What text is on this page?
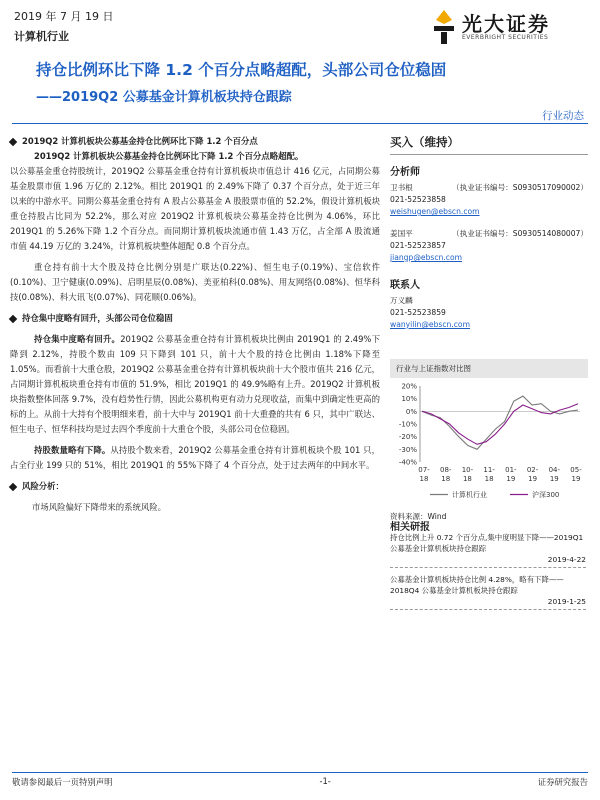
2019 年 7 月 19 日
计算机行业
光大证券
EVERBRIGHT SECURITIES
持仓比例环比下降 1.2 个百分点略超配，头部公司仓位稳固
——2019Q2 公募基金计算机板块持仓跟踪
行业动态
2019Q2 计算机板块公募基金持仓比例环比下降 1.2 个百分点
2019Q2 计算机板块公募基金持仓比例环比下降 1.2 个百分点略超配。
以公募基金重仓持股统计，2019Q2 公募基金重仓持有计算机板块市值总计 416 亿元，占同期公募基金股票市值 1.96 万亿的 2.12%。相比 2019Q1 的 2.49%下降了 0.37 个百分点，处于近三年以来的中游水平。同期公募基金重仓持有 A 股占公募基金 A 股股票市值的 52.2%，假设计算机板块重仓持股占比同为 52.2%，那么对应 2019Q2 计算机板块公募基金持仓比例为 4.06%，环比 2019Q1 的 5.26%下降 1.2 个百分点。而同期计算机板块流通市值 1.43 万亿，占全部 A 股流通市值 44.19 万亿的 3.24%，计算机板块整体超配 0.8 个百分点。
重仓持有前十大个股及持仓比例分别是广联达(0.22%)、恒生电子(0.19%)、宝信软件(0.10%)、卫宁健康(0.09%)、启明星辰(0.08%)、美亚柏科(0.08%)、用友网络(0.08%)、恒华科技(0.08%)、科大讯飞(0.07%)、同花顺(0.06%)。
持仓集中度略有回升，头部公司仓位稳固
持仓集中度略有回升。2019Q2 公募基金重仓持有计算机板块比例由 2019Q1 的 2.49%下降到 2.12%，持股个数由 109 只下降到 101 只，前十大个股的持仓比例由 1.18%下降至 1.05%。而看前十大重仓股，2019Q2 公募基金重仓持有计算机板块前十大个股市值共 216 亿元，占同期计算机板块重仓持有市值的 51.9%，相比 2019Q1 的 49.9%略有上升。2019Q2 计算机板块指数整体回落 9.7%，没有趋势性行情，因此公募机构更有动力兑现收益，而集中到确定性更高的标的上。从前十大持有个股明细来看，前十大中与 2019Q1 前十大重叠的共有 6 只，其中广联达、恒生电子、恒华科技均是过去四个季度前十大重仓个股，头部公司仓位稳固。
持股数量略有下降。从持股个数来看，2019Q2 公募基金重仓持有计算机板块个股 101 只，占全行业 199 只的 51%，相比 2019Q1 的 55%下降了 4 个百分点，处于过去两年的中间水平。
风险分析：
市场风险偏好下降带来的系统风险。
买入（维持）
分析师
卫书根	（执业证书编号：S0930517090002）
021-52523858
weishugen@ebscn.com
姜国平	（执业证书编号：S0930514080007）
021-52523857
jiangp@ebscn.com
联系人
万义麟
021-52523859
wanyilin@ebscn.com
行业与上证指数对比图
20%
10%
0%
-10%
-20%
-30%
-40%
07-
18
08-
18
10-
18
11-
18
01-
19
02-
19
04-
19
05-
19
计算机行业	沪深300
资料来源：Wind
相关研报
持仓比例上升 0.72 个百分点,集中度明显下降——2019Q1 公募基金计算机板块持仓跟踪
2019-4-22
公募基金计算机板块持仓比例 4.28%，略有下降——2018Q4 公募基金计算机板块持仓跟踪
2019-1-25
敬请参阅最后一页特别声明	-1-	证券研究报告
